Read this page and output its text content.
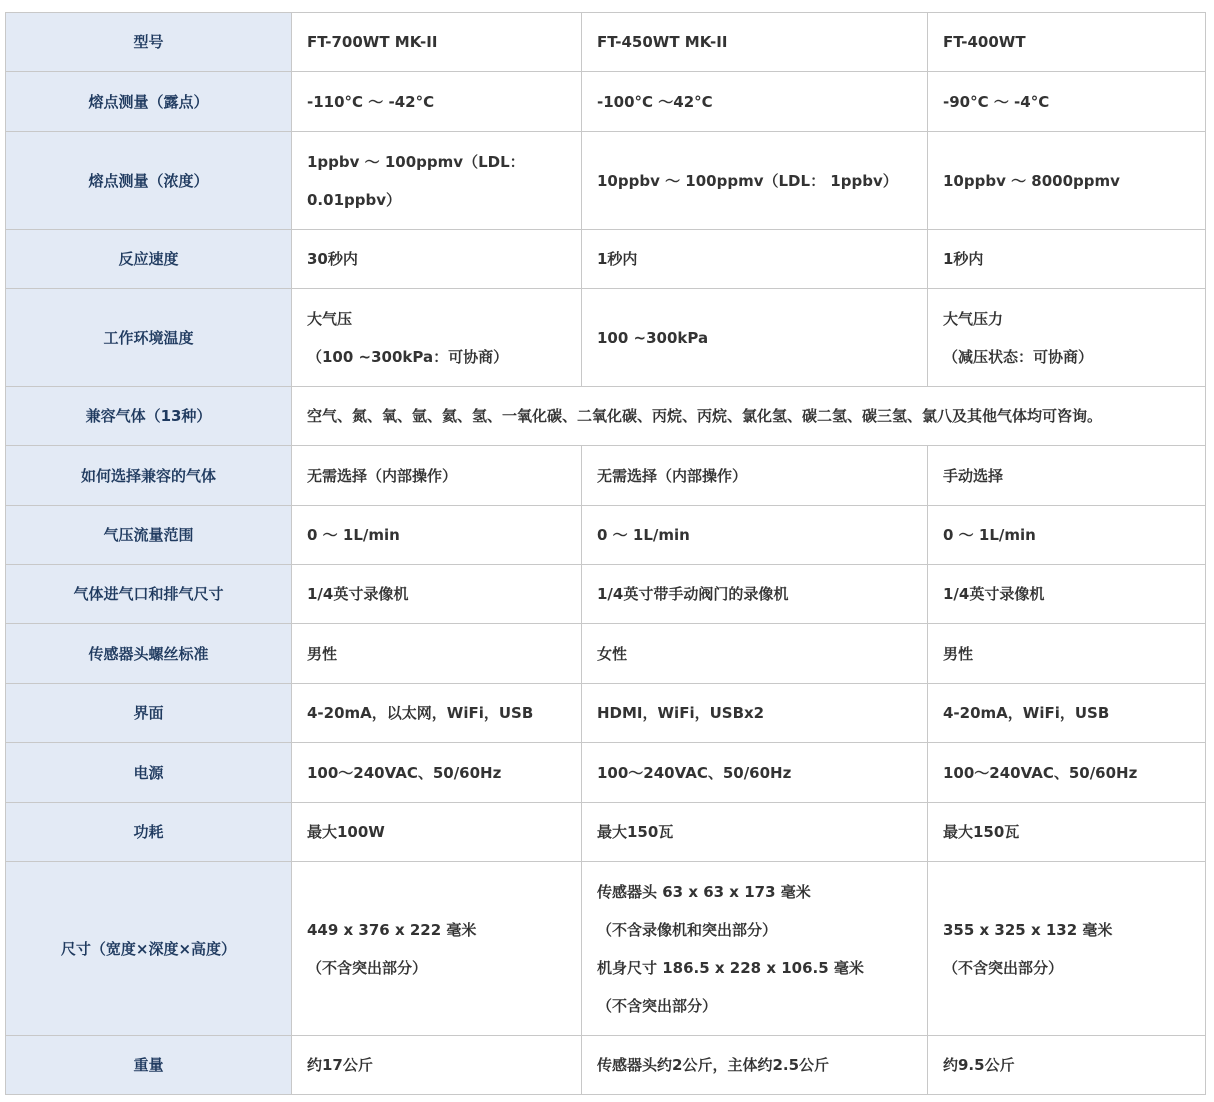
型号	FT-700WT MK-II	FT-450WT MK-II	FT-400WT

熔点测量（露点）	-110°C ～ -42°C	-100°C ～42°C	-90°C ～ -4°C

熔点测量（浓度）	1ppbv ～ 100ppmv（LDL：
0.01ppbv）	10ppbv ～ 100ppmv（LDL： 1ppbv）	10ppbv ～ 8000ppmv

反应速度	30秒内	1秒内	1秒内

工作环境温度	大气压
（100 ~300kPa：可协商）	100 ~300kPa	大气压力
（减压状态：可协商）

兼容气体（13种）	空气、氮、氧、氩、氦、氢、一氧化碳、二氧化碳、丙烷、丙烷、氯化氢、碳二氢、碳三氢、氯八及其他气体均可咨询。		

如何选择兼容的气体	无需选择（内部操作）	无需选择（内部操作）	手动选择

气压流量范围	0 ～ 1L/min	0 ～ 1L/min	0 ～ 1L/min

气体进气口和排气尺寸	1/4英寸录像机	1/4英寸带手动阀门的录像机	1/4英寸录像机

传感器头螺丝标准	男性	女性	男性

界面	4-20mA，以太网，WiFi，USB	HDMI，WiFi，USBx2	4-20mA，WiFi，USB

电源	100～240VAC、50/60Hz	100～240VAC、50/60Hz	100～240VAC、50/60Hz

功耗	最大100W	最大150瓦	最大150瓦

尺寸（宽度×深度×高度）	449 x 376 x 222 毫米
（不含突出部分）	传感器头 63 x 63 x 173 毫米
（不含录像机和突出部分）
机身尺寸 186.5 x 228 x 106.5 毫米
（不含突出部分）	355 x 325 x 132 毫米
（不含突出部分）

重量	约17公斤	传感器头约2公斤，主体约2.5公斤	约9.5公斤
